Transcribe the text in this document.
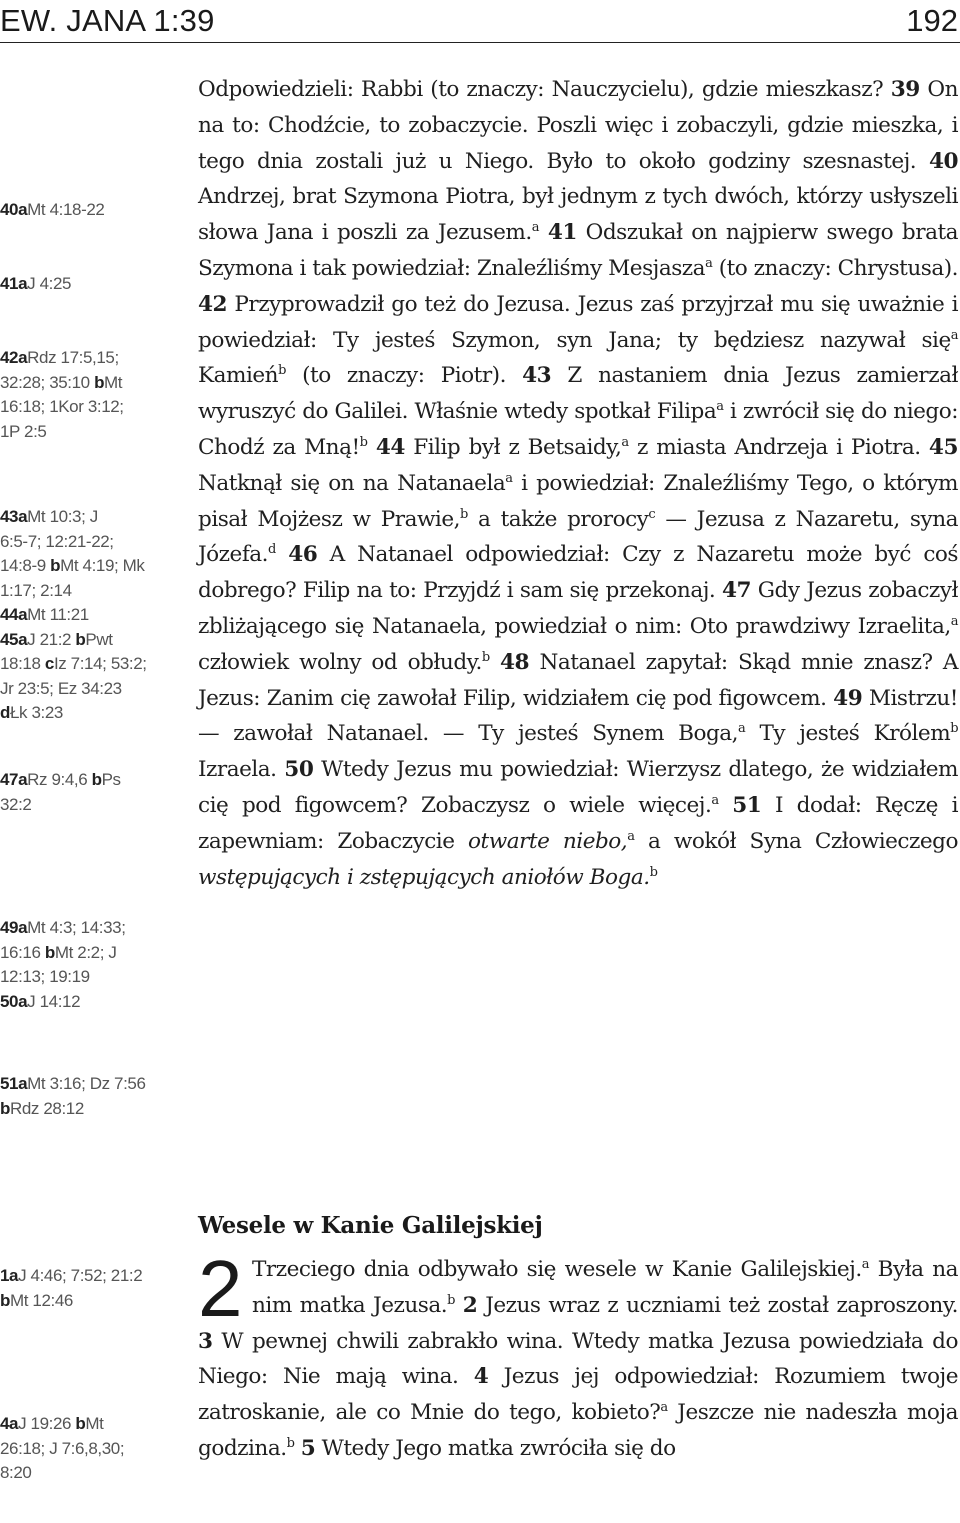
EW. JANA 1:39	192
40aMt 4:18-22
41aJ 4:25
42aRdz 17:5,15;
32:28; 35:10 bMt
16:18; 1Kor 3:12;
1P 2:5
43aMt 10:3; J
6:5-7; 12:21-22;
14:8-9 bMt 4:19; Mk
1:17; 2:14
44aMt 11:21
45aJ 21:2 bPwt
18:18 cIz 7:14; 53:2;
Jr 23:5; Ez 34:23
dŁk 3:23
47aRz 9:4,6 bPs
32:2
49aMt 4:3; 14:33;
16:16 bMt 2:2; J
12:13; 19:19
50aJ 14:12
51aMt 3:16; Dz 7:56
bRdz 28:12
1aJ 4:46; 7:52; 21:2
bMt 12:46
4aJ 19:26 bMt
26:18; J 7:6,8,30;
8:20

Odpowiedzieli: Rabbi (to znaczy: Nauczycielu), gdzie mieszkasz? 39 On na to: Chodźcie, to zobaczycie. Poszli więc i zobaczyli, gdzie mieszka, i tego dnia zostali już u Niego. Było to około godziny szesnastej. 40 Andrzej, brat Szymona Piotra, był jednym z tych dwóch, którzy usłyszeli słowa Jana i poszli za Jezusem.$^a$ 41 Odszukał on najpierw swego brata Szymona i tak powiedział: Znaleźliśmy Mesjasza$^a$ (to znaczy: Chrystusa). 42 Przyprowadził go też do Jezusa. Jezus zaś przyjrzał mu się uważnie i powiedział: Ty jesteś Szymon, syn Jana; ty będziesz nazywał się$^a$ Kamień$^b$ (to znaczy: Piotr). 43 Z nastaniem dnia Jezus zamierzał wyruszyć do Galilei. Właśnie wtedy spotkał Filipa$^a$ i zwrócił się do niego: Chodź za Mną!$^b$ 44 Filip był z Betsaidy,$^a$ z miasta Andrzeja i Piotra. 45 Natknął się on na Natanaela$^a$ i powiedział: Znaleźliśmy Tego, o którym pisał Mojżesz w Prawie,$^b$ a także prorocy$^c$ — Jezusa z Nazaretu, syna Józefa.$^d$ 46 A Natanael odpowiedział: Czy z Nazaretu może być coś dobrego? Filip na to: Przyjdź i sam się przekonaj. 47 Gdy Jezus zobaczył zbliżającego się Natanaela, powiedział o nim: Oto prawdziwy Izraelita,$^a$ człowiek wolny od obłudy.$^b$ 48 Natanael zapytał: Skąd mnie znasz? A Jezus: Zanim cię zawołał Filip, widziałem cię pod figowcem. 49 Mistrzu! — zawołał Natanael. — Ty jesteś Synem Boga,$^a$ Ty jesteś Królem$^b$ Izraela. 50 Wtedy Jezus mu powiedział: Wierzysz dlatego, że widziałem cię pod figowcem? Zobaczysz o wiele więcej.$^a$ 51 I dodał: Ręczę i zapewniam: Zobaczycie otwarte niebo,$^a$ a wokół Syna Człowieczego wstępujących i zstępujących aniołów Boga.$^b$

Wesele w Kanie Galilejskiej

2 Trzeciego dnia odbywało się wesele w Kanie Galilejskiej.$^a$ Była na nim matka Jezusa.$^b$ 2 Jezus wraz z uczniami też został zaproszony. 3 W pewnej chwili zabrakło wina. Wtedy matka Jezusa powiedziała do Niego: Nie mają wina. 4 Jezus jej odpowiedział: Rozumiem twoje zatroskanie, ale co Mnie do tego, kobieto?$^a$ Jeszcze nie nadeszła moja godzina.$^b$ 5 Wtedy Jego matka zwróciła się do
